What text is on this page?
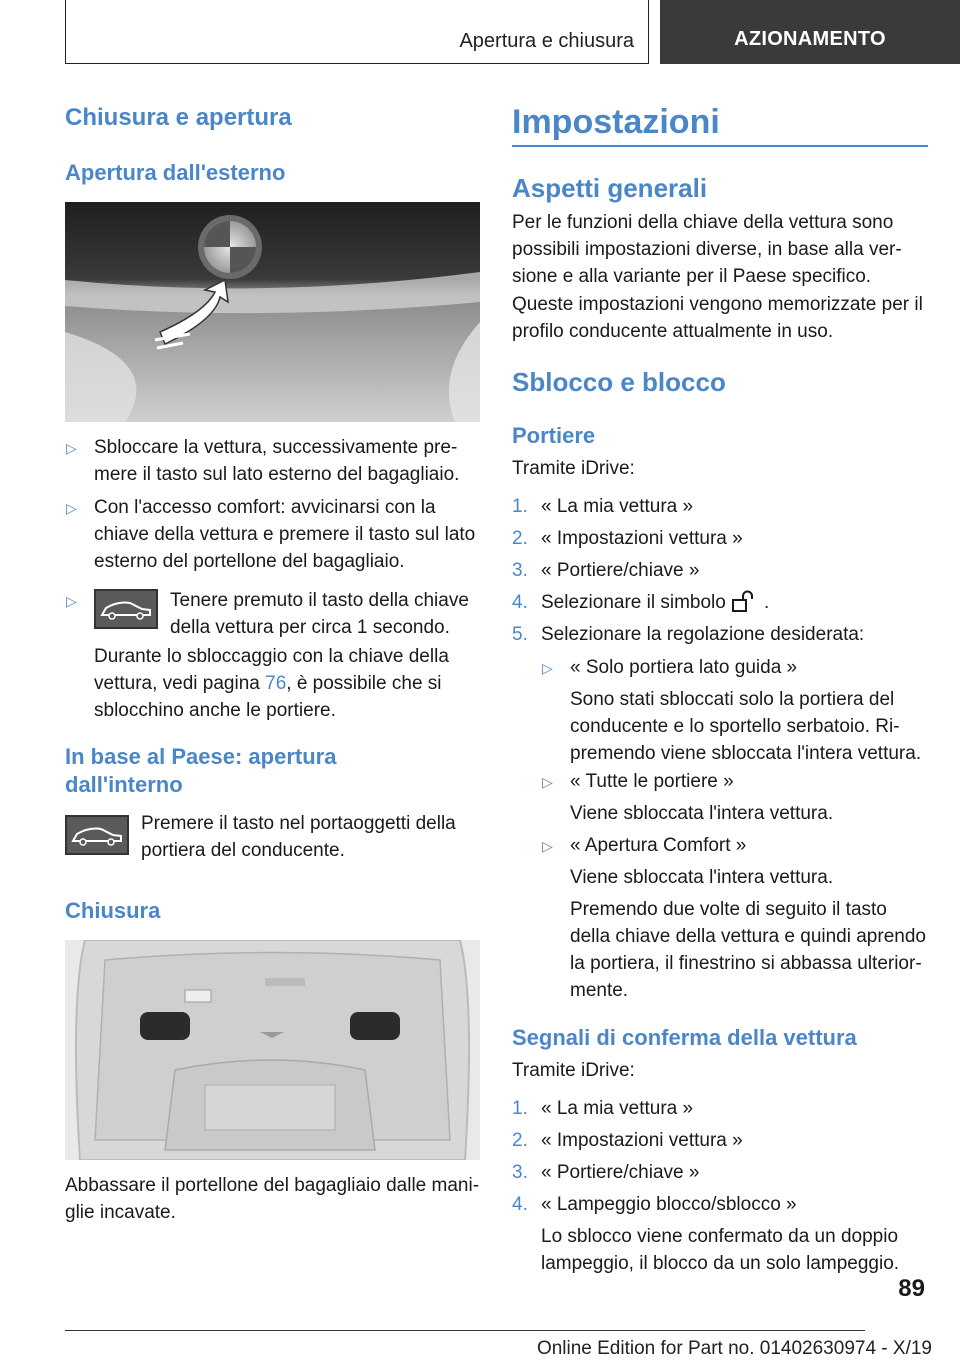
Apertura e chiusura	AZIONAMENTO
Chiusura e apertura
Apertura dall'esterno
▷ Sbloccare la vettura, successivamente pre-
mere il tasto sul lato esterno del bagagliaio.
▷ Con l'accesso comfort: avvicinarsi con la
chiave della vettura e premere il tasto sul lato
esterno del portellone del bagagliaio.
▷	Tenere premuto il tasto della chiave
della vettura per circa 1 secondo.
Durante lo sbloccaggio con la chiave della
vettura, vedi pagina 76, è possibile che si
sblocchino anche le portiere.
In base al Paese: apertura
dall'interno
Premere il tasto nel portaoggetti della
portiera del conducente.
Chiusura
Abbassare il portellone del bagagliaio dalle mani-
glie incavate.
Impostazioni
Aspetti generali
Per le funzioni della chiave della vettura sono
possibili impostazioni diverse, in base alla ver-
sione e alla variante per il Paese specifico.
Queste impostazioni vengono memorizzate per il
profilo conducente attualmente in uso.
Sblocco e blocco
Portiere
Tramite iDrive:
1. « La mia vettura »
2. « Impostazioni vettura »
3. « Portiere/chiave »
4. Selezionare il simbolo .
5. Selezionare la regolazione desiderata:
▷ « Solo portiera lato guida »
Sono stati sbloccati solo la portiera del
conducente e lo sportello serbatoio. Ri-
premendo viene sbloccata l'intera vettura.
▷ « Tutte le portiere »
Viene sbloccata l'intera vettura.
▷ « Apertura Comfort »
Viene sbloccata l'intera vettura.
Premendo due volte di seguito il tasto
della chiave della vettura e quindi aprendo
la portiera, il finestrino si abbassa ulterior-
mente.
Segnali di conferma della vettura
Tramite iDrive:
1. « La mia vettura »
2. « Impostazioni vettura »
3. « Portiere/chiave »
4. « Lampeggio blocco/sblocco »
Lo sblocco viene confermato da un doppio
lampeggio, il blocco da un solo lampeggio.
89
Online Edition for Part no. 01402630974 - X/19
